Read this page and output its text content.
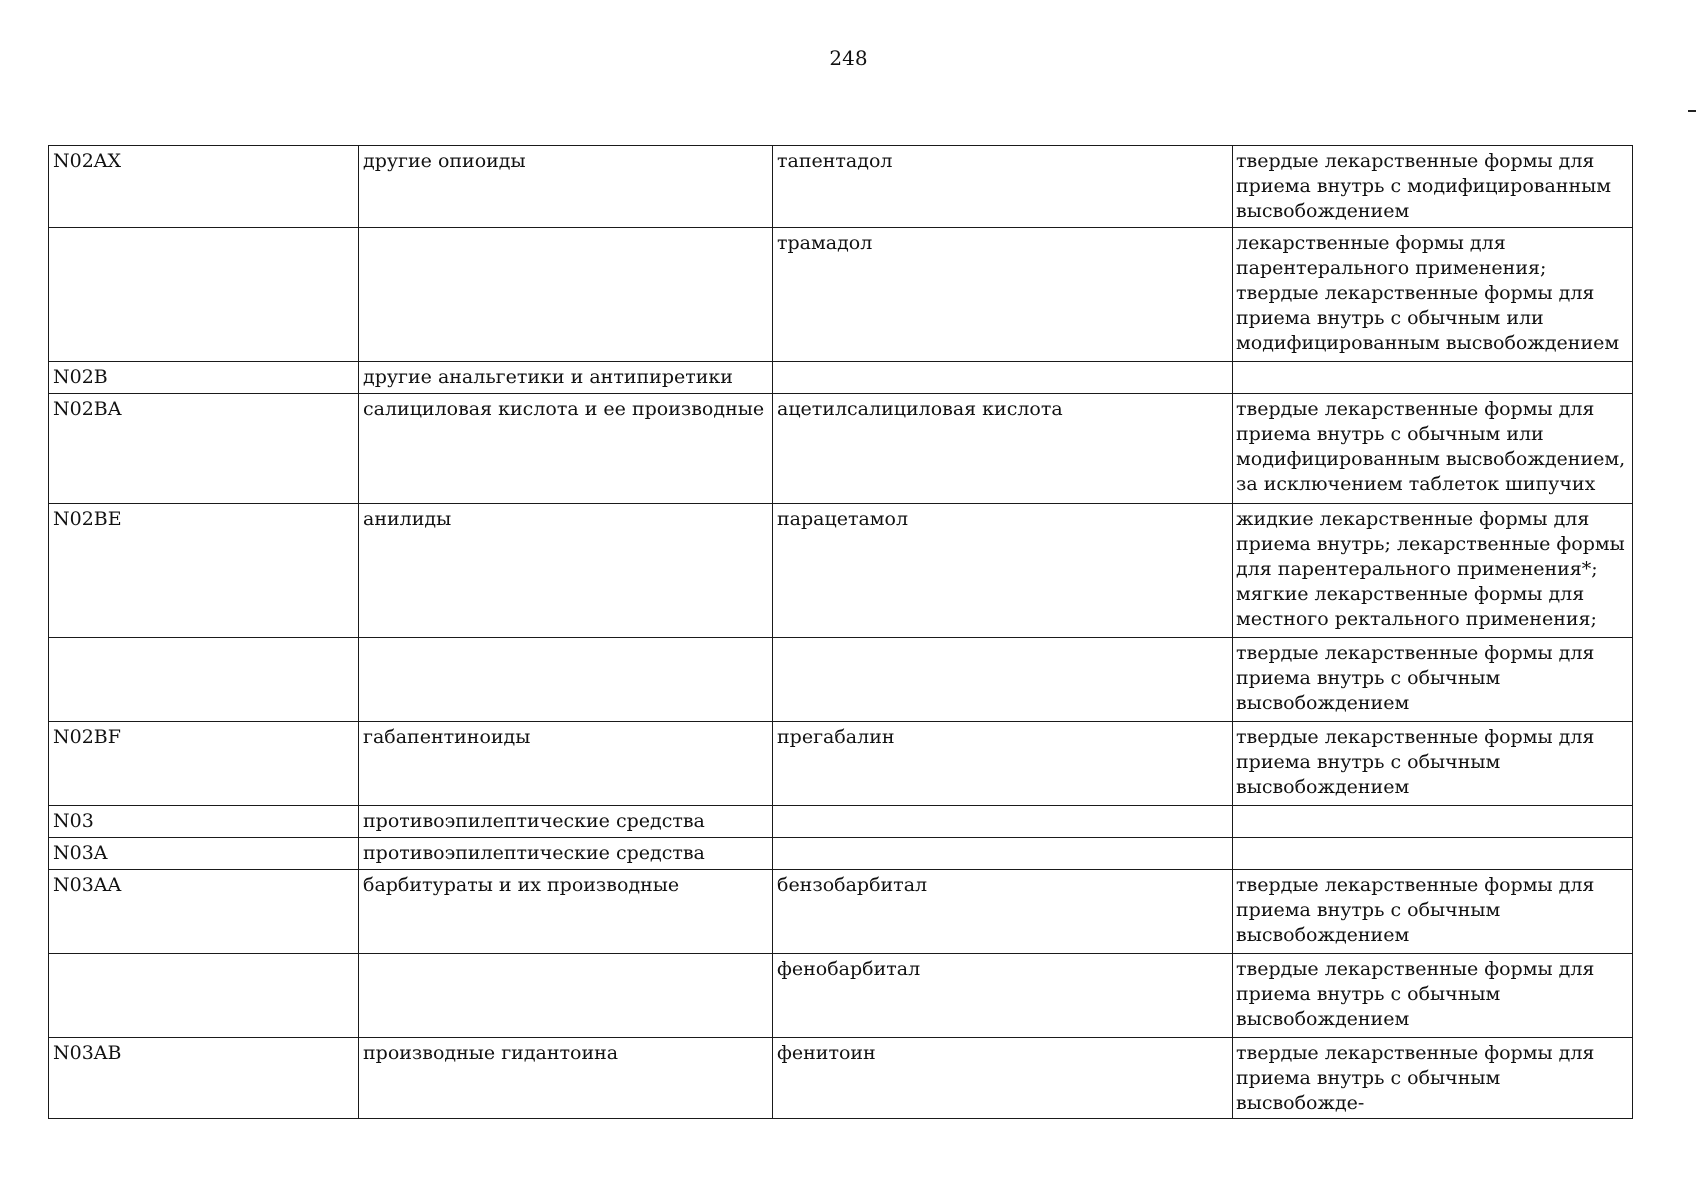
248
N02AX	другие опиоиды	тапентадол	твердые лекарственные формы для приема внутрь с модифицированным высвобождением
		трамадол	лекарственные формы для парентерального применения; твердые лекарственные формы для приема внутрь с обычным или модифицированным высвобождением
N02B	другие анальгетики и антипиретики		
N02BA	салициловая кислота и ее производные	ацетилсалициловая кислота	твердые лекарственные формы для приема внутрь с обычным или модифицированным высвобождением, за исключением таблеток шипучих
N02BE	анилиды	парацетамол	жидкие лекарственные формы для приема внутрь; лекарственные формы для парентерального применения*; мягкие лекарственные формы для местного ректального применения;
			твердые лекарственные формы для приема внутрь с обычным высвобождением
N02BF	габапентиноиды	прегабалин	твердые лекарственные формы для приема внутрь с обычным высвобождением
N03	противоэпилептические средства		
N03A	противоэпилептические средства		
N03AA	барбитураты и их производные	бензобарбитал	твердые лекарственные формы для приема внутрь с обычным высвобождением
		фенобарбитал	твердые лекарственные формы для приема внутрь с обычным высвобождением
N03AB	производные гидантоина	фенитоин	твердые лекарственные формы для приема внутрь с обычным высвобожде-
